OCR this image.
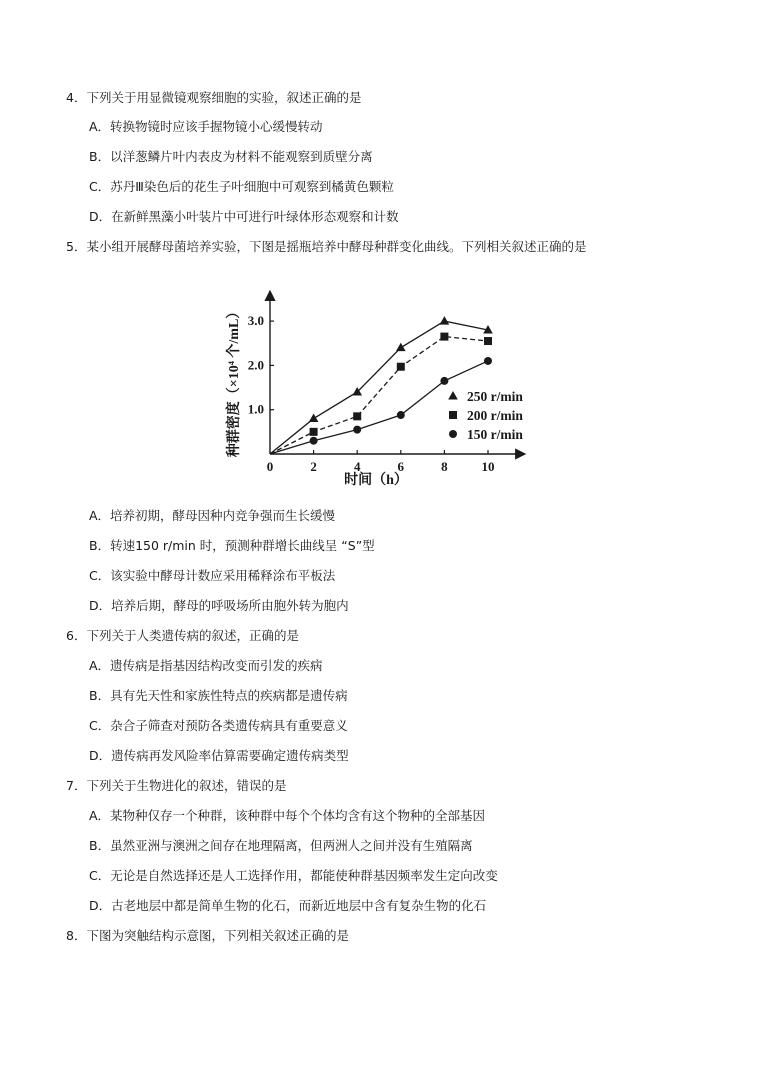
4．下列关于用显微镜观察细胞的实验，叙述正确的是
A．转换物镜时应该手握物镜小心缓慢转动
B．以洋葱鳞片叶内表皮为材料不能观察到质壁分离
C．苏丹Ⅲ染色后的花生子叶细胞中可观察到橘黄色颗粒
D．在新鲜黑藻小叶装片中可进行叶绿体形态观察和计数
5．某小组开展酵母菌培养实验，下图是摇瓶培养中酵母种群变化曲线。下列相关叙述正确的是
0	2	4	6	8	10
1.0
2.0
3.0
250 r/min
200 r/min
150 r/min
种群密度（×10⁴ 个/mL）
时间（h）
A．培养初期，酵母因种内竞争强而生长缓慢
B．转速150 r/min 时，预测种群增长曲线呈 “S”型
C．该实验中酵母计数应采用稀释涂布平板法
D．培养后期，酵母的呼吸场所由胞外转为胞内
6．下列关于人类遗传病的叙述，正确的是
A．遗传病是指基因结构改变而引发的疾病
B．具有先天性和家族性特点的疾病都是遗传病
C．杂合子筛查对预防各类遗传病具有重要意义
D．遗传病再发风险率估算需要确定遗传病类型
7．下列关于生物进化的叙述，错误的是
A．某物种仅存一个种群，该种群中每个个体均含有这个物种的全部基因
B．虽然亚洲与澳洲之间存在地理隔离，但两洲人之间并没有生殖隔离
C．无论是自然选择还是人工选择作用，都能使种群基因频率发生定向改变
D．古老地层中都是简单生物的化石，而新近地层中含有复杂生物的化石
8．下图为突触结构示意图，下列相关叙述正确的是
